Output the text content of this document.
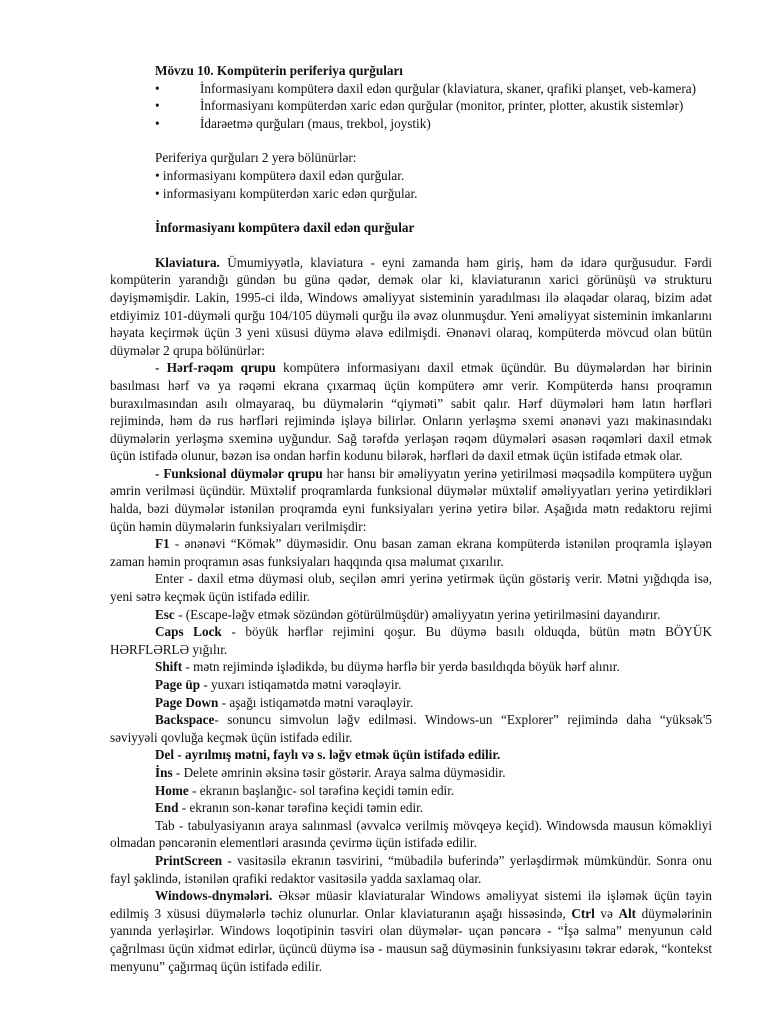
Mövzu 10. Kompüterin periferiya qurğuları

•	İnformasiyanı kompüterə daxil edən qurğular (klaviatura, skaner, qrafiki planşet, veb-kamera)
•	İnformasiyanı kompüterdən xaric edən qurğular (monitor, printer, plotter, akustik sistemlər)
•	İdarəetmə qurğuları (maus, trekbol, joystik)

Periferiya qurğuları 2 yerə bölünürlər:

• informasiyanı kompüterə daxil edən qurğular.

• informasiyanı kompüterdən xaric edən qurğular.

İnformasiyanı kompüterə daxil edən qurğular

Klaviatura. Ümumiyyətlə, klaviatura - eyni zamanda həm giriş, həm də idarə qurğusudur. Fərdi kompüterin yarandığı gündən bu günə qədər, demək olar ki, klaviaturanın xarici görünüşü və strukturu dəyişməmişdir. Lakin, 1995-ci ildə, Windows əməliyyat sisteminin yaradılması ilə əlaqədar olaraq, bizim adət etdiyimiz 101-düyməli qurğu 104/105 düyməli qurğu ilə əvəz olunmuşdur. Yeni əməliyyat sisteminin imkanlarını həyata keçirmək üçün 3 yeni xüsusi düymə əlavə edilmişdi. Ənənəvi olaraq, kompüterdə mövcud olan bütün düymələr 2 qrupa bölünürlər:

- Hərf-rəqəm qrupu kompüterə informasiyanı daxil etmək üçündür. Bu düymələrdən hər birinin basılması hərf və ya rəqəmi ekrana çıxarmaq üçün kompüterə əmr verir. Kompüterdə hansı proqramın buraxılmasından asılı olmayaraq, bu düymələrin “qiyməti” sabit qalır. Hərf düymələri həm latın hərfləri rejimində, həm də rus hərfləri rejimində işləyə bilirlər. Onların yerləşmə sxemi ənənəvi yazı makinasındakı düymələrin yerləşmə sxeminə uyğundur. Sağ tərəfdə yerləşən rəqəm düymələri əsasən rəqəmləri daxil etmək üçün istifadə olunur, bəzən isə ondan hərfin kodunu bilərək, hərfləri də daxil etmək üçün istifadə etmək olar.

- Funksional düymələr qrupu hər hansı bir əməliyyatın yerinə yetirilməsi məqsədilə kompüterə uyğun əmrin verilməsi üçündür. Müxtəlif proqramlarda funksional düymələr müxtəlif əməliyyatları yerinə yetirdikləri halda, bəzi düymələr istənilən proqramda eyni funksiyaları yerinə yetirə bilər. Aşağıda mətn redaktoru rejimi üçün həmin düymələrin funksiyaları verilmişdir:

F1 - ənənəvi “Kömək” düyməsidir. Onu basan zaman ekrana kompüterdə istənilən proqramla işləyən zaman həmin proqramın əsas funksiyaları haqqında qısa məlumat çıxarılır.

Enter - daxil etmə düyməsi olub, seçilən əmri yerinə yetirmək üçün göstəriş verir. Mətni yığdıqda isə, yeni sətrə keçmək üçün istifadə edilir.

Esc - (Escape-ləğv etmək sözündən götürülmüşdür) əməliyyatın yerinə yetirilməsini dayandırır.

Caps Lock - böyük hərflər rejimini qoşur. Bu düymə basılı olduqda, bütün mətn BÖYÜK HƏRFLƏRLƏ yığılır.

Shift - mətn rejimində işlədikdə, bu düymə hərflə bir yerdə basıldıqda böyük hərf alınır.

Page üp - yuxarı istiqamətdə mətni vərəqləyir.

Page Down - aşağı istiqamətdə mətni vərəqləyir.

Backspace- sonuncu simvolun ləğv edilməsi. Windows-un “Explorer” rejimində daha “yüksək'5 səviyyəli qovluğa keçmək üçün istifadə edilir.

Del - ayrılmış mətni, faylı və s. ləğv etmək üçün istifadə edilir.

İns - Delete əmrinin əksinə təsir göstərir. Araya salma düyməsidir.

Home - ekranın başlanğıc- sol tərəfinə keçidi təmin edir.

End - ekranın son-kənar tərəfinə keçidi təmin edir.

Tab - tabulyasiyanın araya salınmasl (əvvəlcə verilmiş mövqeyə keçid). Windowsda mausun köməkliyi olmadan pəncərənin elementləri arasında çevirmə üçün istifadə edilir.

PrintScreen - vasitəsilə ekranın təsvirini, “mübadilə buferində” yerləşdirmək mümkündür. Sonra onu fayl şəklində, istənilən qrafiki redaktor vasitəsilə yadda saxlamaq olar.

Windows-dnymələri. Əksər müasir klaviaturalar Windows əməliyyat sistemi ilə işləmək üçün təyin edilmiş 3 xüsusi düymələrlə təchiz olunurlar. Onlar klaviaturanın aşağı hissəsində, Ctrl və Alt düymələrinin yanında yerləşirlər. Windows loqotipinin təsviri olan düymələr- uçan pəncərə - “İşə salma” menyunun cəld çağrılması üçün xidmət edirlər, üçüncü düymə isə - mausun sağ düyməsinin funksiyasını təkrar edərək, “kontekst menyunu” çağırmaq üçün istifadə edilir.
